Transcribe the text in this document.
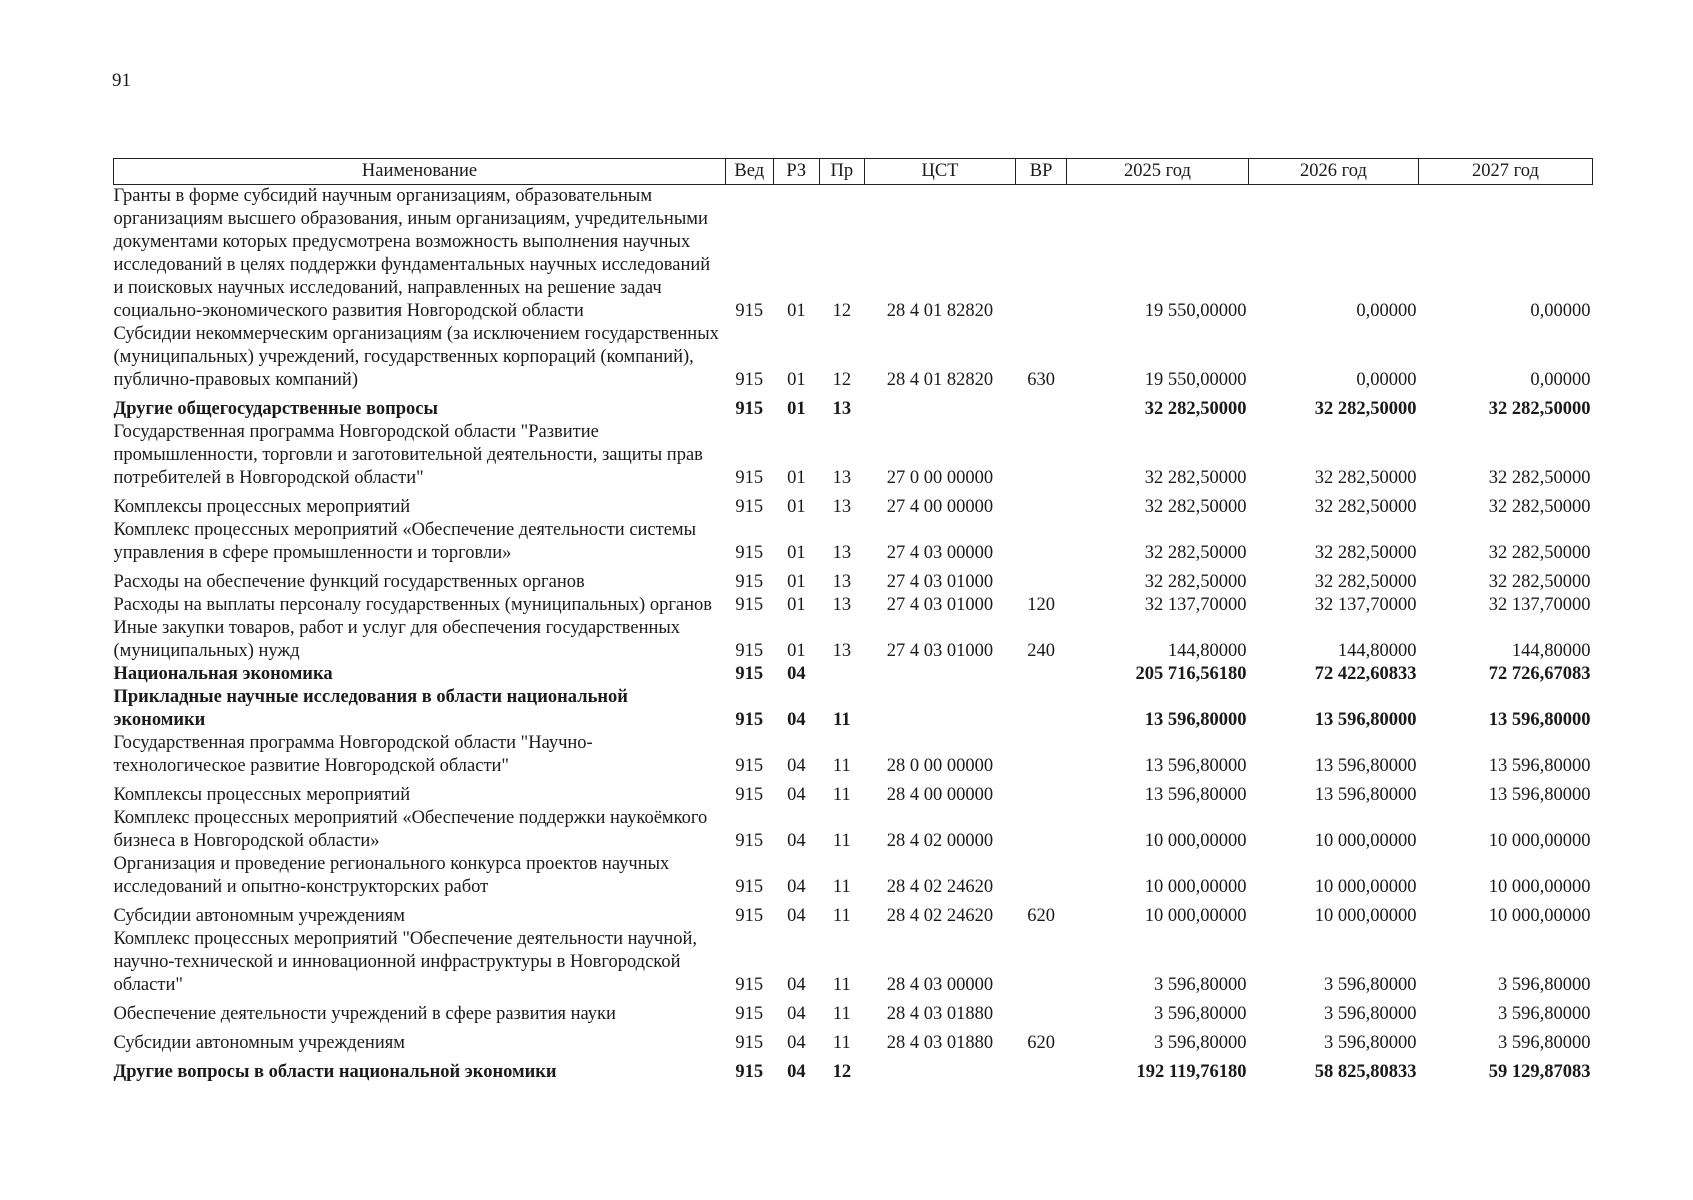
91
Наименование	Вед	РЗ	Пр	ЦСТ	ВР	2025 год	2026 год	2027 год
Гранты в форме субсидий научным организациям, образовательным организациям высшего образования, иным организациям, учредительными документами которых предусмотрена возможность выполнения научных исследований в целях поддержки фундаментальных научных исследований и поисковых научных исследований, направленных на решение задач социально-экономического развития Новгородской области	915	01	12	28 4 01 82820		19 550,00000	0,00000	0,00000
Субсидии некоммерческим организациям (за исключением государственных (муниципальных) учреждений, государственных корпораций (компаний), публично-правовых компаний)	915	01	12	28 4 01 82820	630	19 550,00000	0,00000	0,00000
Другие общегосударственные вопросы	915	01	13			32 282,50000	32 282,50000	32 282,50000
Государственная программа Новгородской области "Развитие промышленности, торговли и заготовительной деятельности, защиты прав потребителей в Новгородской области"	915	01	13	27 0 00 00000		32 282,50000	32 282,50000	32 282,50000
Комплексы процессных мероприятий	915	01	13	27 4 00 00000		32 282,50000	32 282,50000	32 282,50000
Комплекс процессных мероприятий «Обеспечение деятельности системы управления в сфере промышленности и торговли»	915	01	13	27 4 03 00000		32 282,50000	32 282,50000	32 282,50000
Расходы на обеспечение функций государственных органов	915	01	13	27 4 03 01000		32 282,50000	32 282,50000	32 282,50000
Расходы на выплаты персоналу государственных (муниципальных) органов	915	01	13	27 4 03 01000	120	32 137,70000	32 137,70000	32 137,70000
Иные закупки товаров, работ и услуг для обеспечения государственных (муниципальных) нужд	915	01	13	27 4 03 01000	240	144,80000	144,80000	144,80000
Национальная экономика	915	04				205 716,56180	72 422,60833	72 726,67083
Прикладные научные исследования в области национальной экономики	915	04	11			13 596,80000	13 596,80000	13 596,80000
Государственная программа Новгородской области "Научно-технологическое развитие Новгородской области"	915	04	11	28 0 00 00000		13 596,80000	13 596,80000	13 596,80000
Комплексы процессных мероприятий	915	04	11	28 4 00 00000		13 596,80000	13 596,80000	13 596,80000
Комплекс процессных мероприятий «Обеспечение поддержки наукоёмкого бизнеса в Новгородской области»	915	04	11	28 4 02 00000		10 000,00000	10 000,00000	10 000,00000
Организация и проведение регионального конкурса проектов научных исследований и опытно-конструкторских работ	915	04	11	28 4 02 24620		10 000,00000	10 000,00000	10 000,00000
Субсидии автономным учреждениям	915	04	11	28 4 02 24620	620	10 000,00000	10 000,00000	10 000,00000
Комплекс процессных мероприятий "Обеспечение деятельности научной, научно-технической и инновационной инфраструктуры в Новгородской области"	915	04	11	28 4 03 00000		3 596,80000	3 596,80000	3 596,80000
Обеспечение деятельности учреждений в сфере развития науки	915	04	11	28 4 03 01880		3 596,80000	3 596,80000	3 596,80000
Субсидии автономным учреждениям	915	04	11	28 4 03 01880	620	3 596,80000	3 596,80000	3 596,80000
Другие вопросы в области национальной экономики	915	04	12			192 119,76180	58 825,80833	59 129,87083
